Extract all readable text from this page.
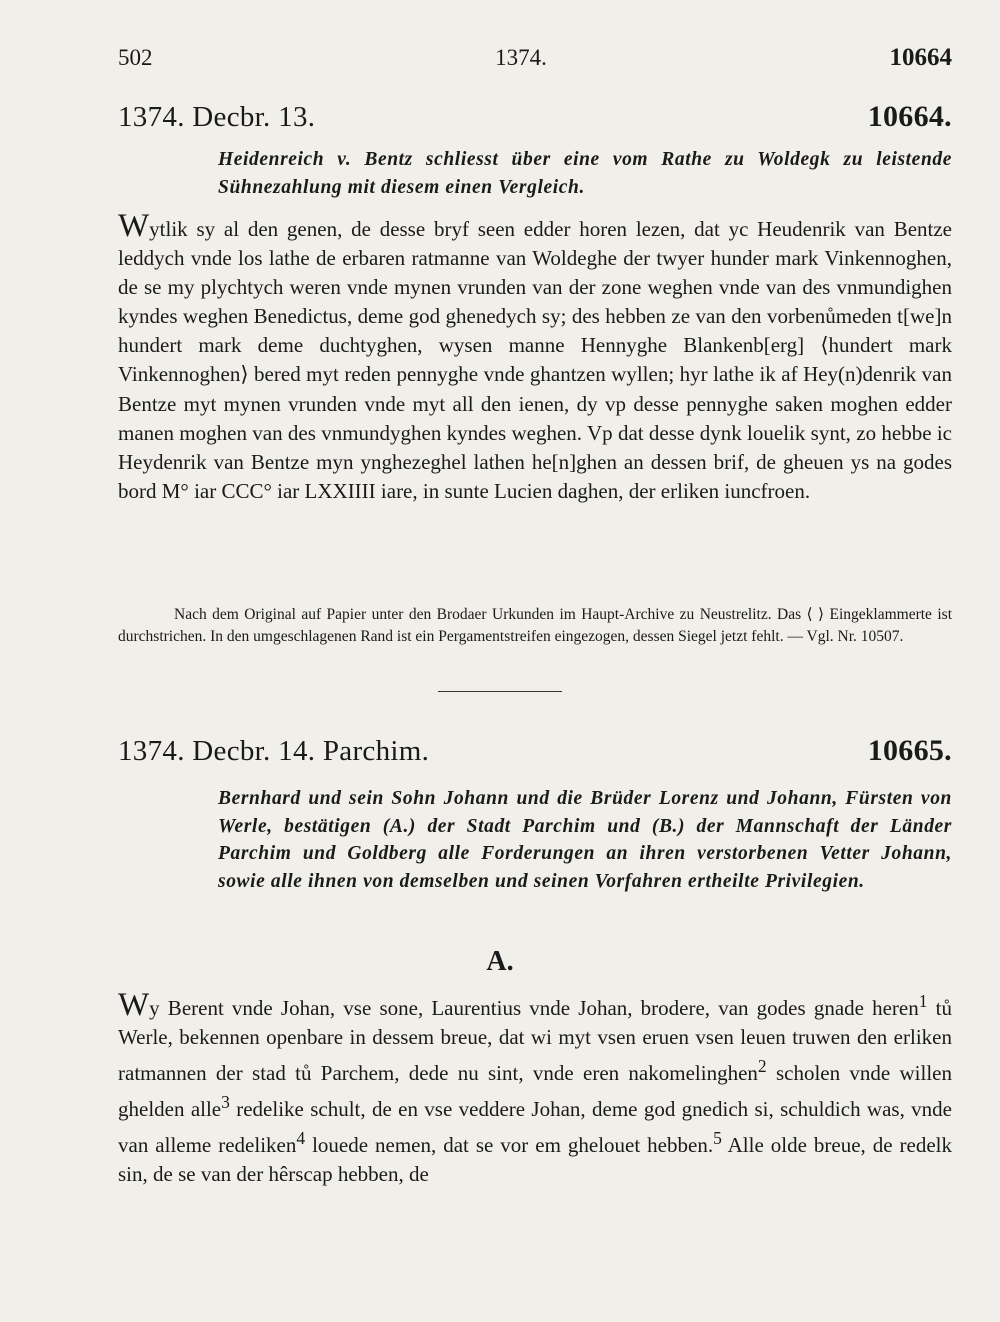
502	1374.	10664
1374. Decbr. 13.	10664.
Heidenreich v. Bentz schliesst über eine vom Rathe zu Woldegk zu leistende Sühnezahlung mit diesem einen Vergleich.

Wytlik sy al den genen, de desse bryf seen edder horen lezen, dat yc Heudenrik van Bentze leddych vnde los lathe de erbaren ratmanne van Woldeghe der twyer hunder mark Vinkennoghen, de se my plychtych weren vnde mynen vrunden van der zone weghen vnde van des vnmundighen kyndes weghen Benedictus, deme god ghenedych sy; des hebben ze van den vorbenůmeden t[we]n hundert mark deme duchtyghen, wysen manne Hennyghe Blankenb[erg] ⟨hundert mark Vinkennoghen⟩ bered myt reden pennyghe vnde ghantzen wyllen; hyr lathe ik af Hey(n)denrik van Bentze myt mynen vrunden vnde myt all den ienen, dy vp desse pennyghe saken moghen edder manen moghen van des vnmundyghen kyndes weghen. Vp dat desse dynk louelik synt, zo hebbe ic Heydenrik van Bentze myn ynghezeghel lathen he[n]ghen an dessen brif, de gheuen ys na godes bord M° iar CCC° iar LXXIIII iare, in sunte Lucien daghen, der erliken iuncfroen.

Nach dem Original auf Papier unter den Brodaer Urkunden im Haupt-Archive zu Neustrelitz. Das ⟨ ⟩ Eingeklammerte ist durchstrichen. In den umgeschlagenen Rand ist ein Pergamentstreifen eingezogen, dessen Siegel jetzt fehlt. — Vgl. Nr. 10507.

1374. Decbr. 14. Parchim.	10665.
Bernhard und sein Sohn Johann und die Brüder Lorenz und Johann, Fürsten von Werle, bestätigen (A.) der Stadt Parchim und (B.) der Mannschaft der Länder Parchim und Goldberg alle Forderungen an ihren verstorbenen Vetter Johann, sowie alle ihnen von demselben und seinen Vorfahren ertheilte Privilegien.
A.

Wy Berent vnde Johan, vse sone, Laurentius vnde Johan, brodere, van godes gnade heren$^1$ tů Werle, bekennen openbare in dessem breue, dat wi myt vsen eruen vsen leuen truwen den erliken ratmannen der stad tů Parchem, dede nu sint, vnde eren nakomelinghen$^2$ scholen vnde willen ghelden alle$^3$ redelike schult, de en vse veddere Johan, deme god gnedich si, schuldich was, vnde van alleme redeliken$^4$ louede nemen, dat se vor em ghelouet hebben.$^5$ Alle olde breue, de redelk sin, de se van der hêrscap hebben, de
